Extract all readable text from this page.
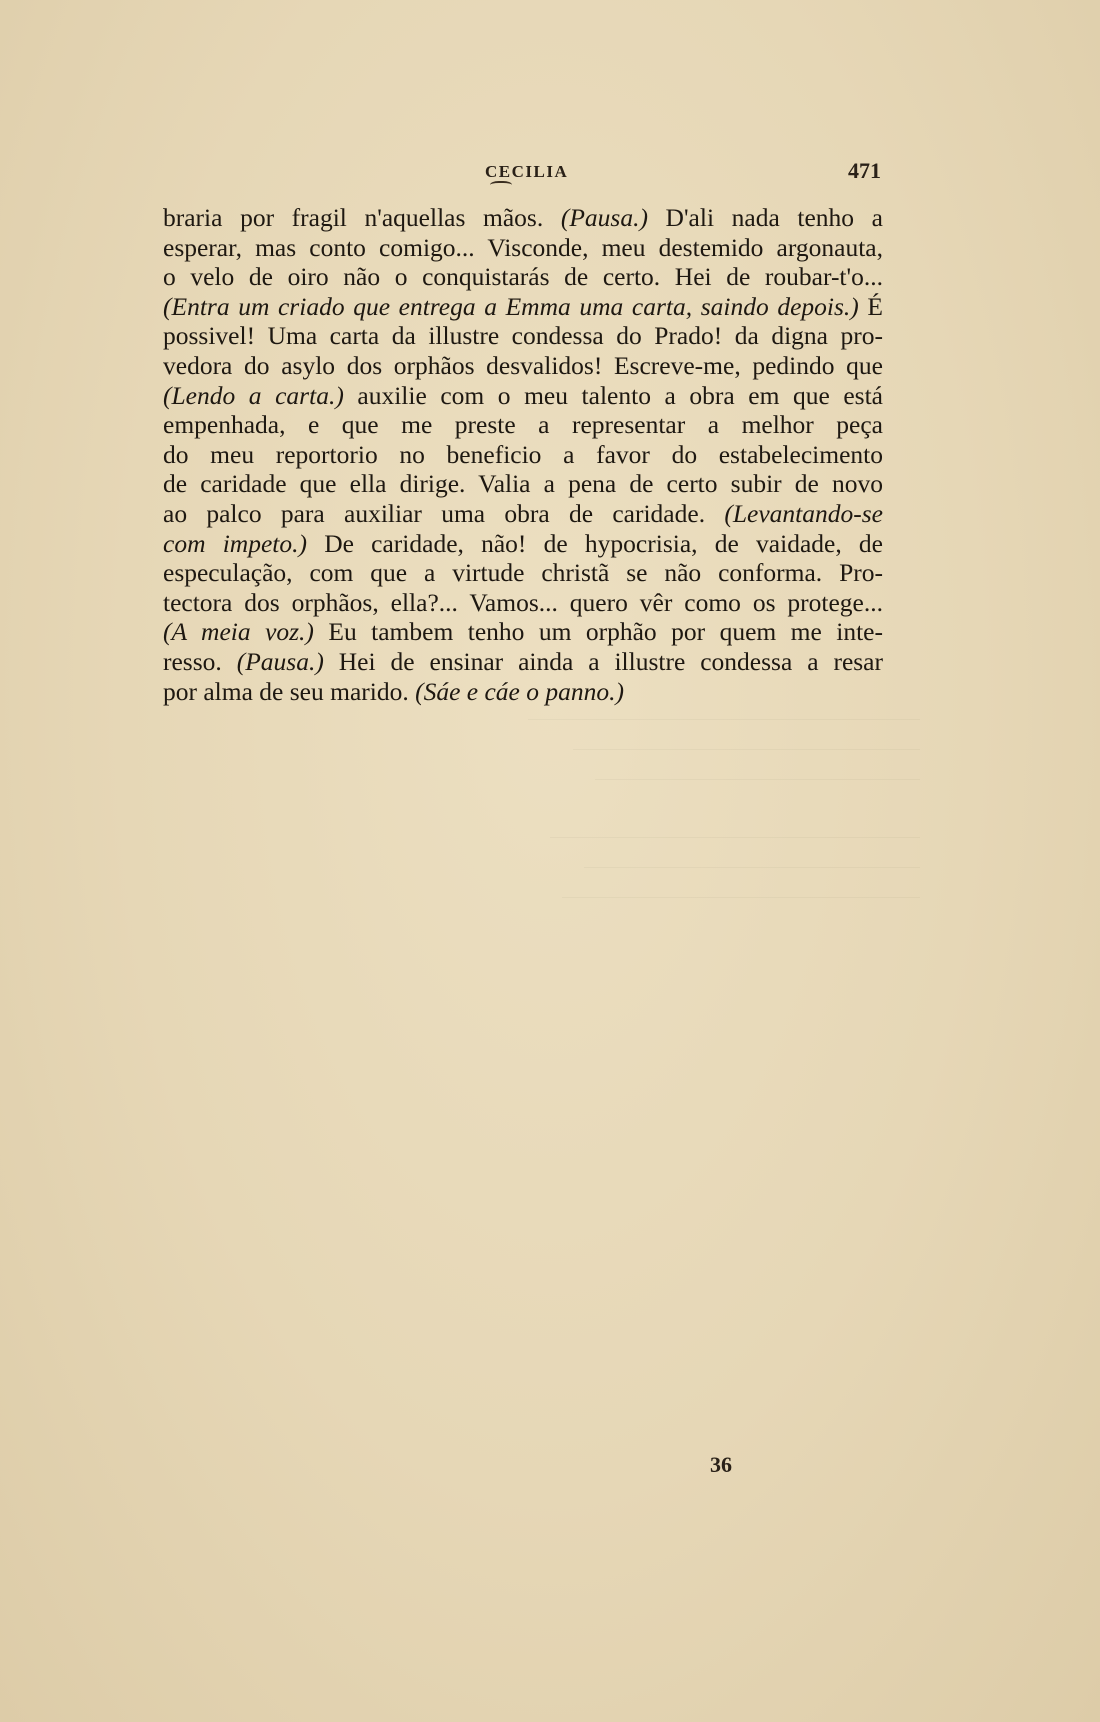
CECILIA	471
braria por fragil n'aquellas mãos. (Pausa.) D'ali nada tenho a
esperar, mas conto comigo... Visconde, meu destemido argonauta,
o velo de oiro não o conquistarás de certo. Hei de roubar-t'o...
(Entra um criado que entrega a Emma uma carta, saindo depois.) É
possivel! Uma carta da illustre condessa do Prado! da digna pro-
vedora do asylo dos orphãos desvalidos! Escreve-me, pedindo que
(Lendo a carta.) auxilie com o meu talento a obra em que está
empenhada, e que me preste a representar a melhor peça
do meu reportorio no beneficio a favor do estabelecimento
de caridade que ella dirige. Valia a pena de certo subir de novo
ao palco para auxiliar uma obra de caridade. (Levantando-se
com impeto.) De caridade, não! de hypocrisia, de vaidade, de
especulação, com que a virtude christã se não conforma. Pro-
tectora dos orphãos, ella?... Vamos... quero vêr como os protege...
(A meia voz.) Eu tambem tenho um orphão por quem me inte-
resso. (Pausa.) Hei de ensinar ainda a illustre condessa a resar
por alma de seu marido. (Sáe e cáe o panno.)
36
